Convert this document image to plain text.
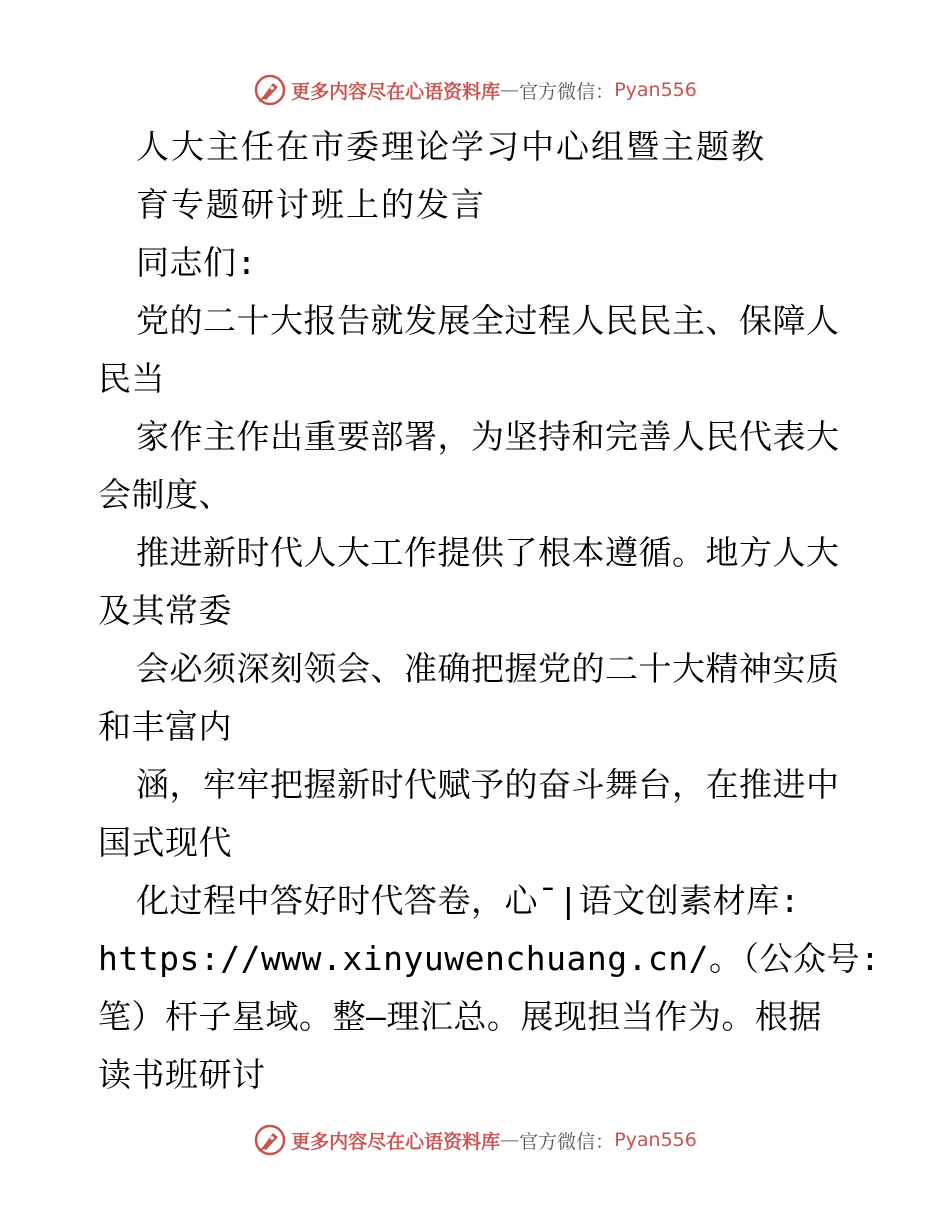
更多内容尽在心语资料库 — 官方微信： Pyan556
人大主任在市委理论学习中心组暨主题教
育专题研讨班上的发言
同志们:
党的二十大报告就发展全过程人民民主、保障人
民当
家作主作出重要部署，为坚持和完善人民代表大
会制度、
推进新时代人大工作提供了根本遵循。地方人大
及其常委
会必须深刻领会、准确把握党的二十大精神实质
和丰富内
涵，牢牢把握新时代赋予的奋斗舞台，在推进中
国式现代
化过程中答好时代答卷，心¯|语文创素材库:
https://www.xinyuwenchuang.cn/。（公众号:
笔）杆子星域。整—理汇总。展现担当作为。根据
读书班研讨
更多内容尽在心语资料库 — 官方微信： Pyan556
